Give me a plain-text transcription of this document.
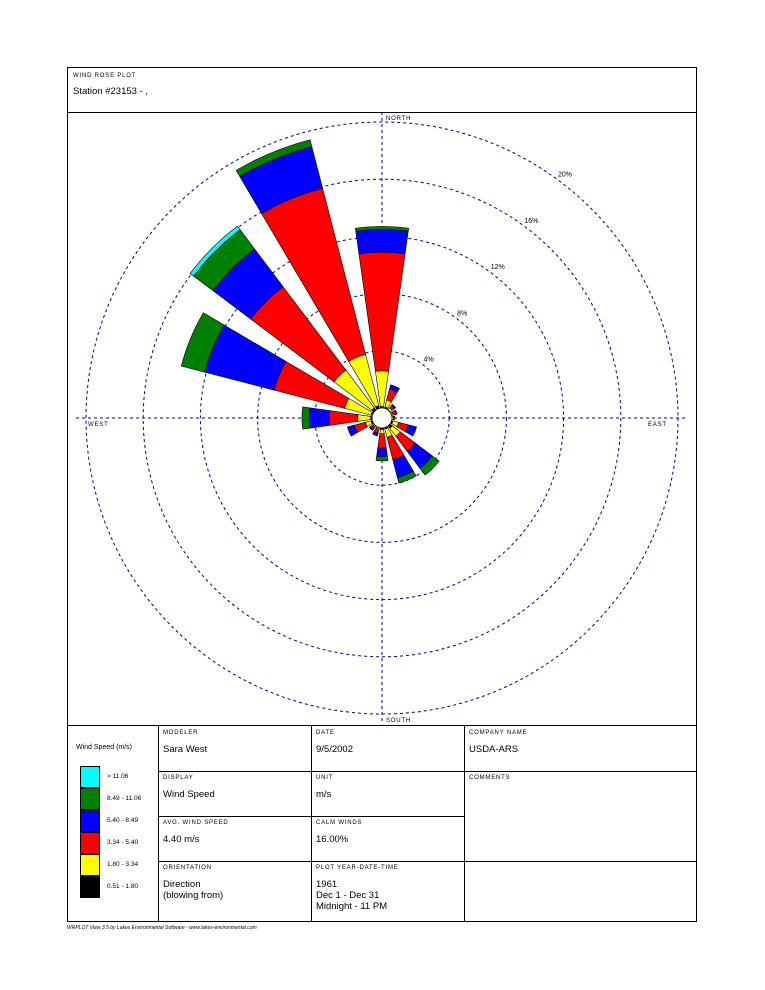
WIND ROSE PLOT
Station #23153 - ,
4%
8%
12%
16%
20%
NORTH
SOUTH
EAST
WEST
Wind Speed (m/s)
> 11.06
8.49 - 11.06
5.40 - 8.49
3.34 - 5.40
1.80 - 3.34
0.51 - 1.80
MODELER
Sara West
DATE
9/5/2002
COMPANY NAME
USDA-ARS
DISPLAY
Wind Speed
UNIT
m/s
COMMENTS
AVG. WIND SPEED
4.40 m/s
CALM WINDS
16.00%
ORIENTATION
Direction
(blowing from)
PLOT YEAR-DATE-TIME
1961
Dec 1 - Dec 31
Midnight - 11 PM
WRPLOT View 3.5 by Lakes Environmental Software - www.lakes-environmental.com
